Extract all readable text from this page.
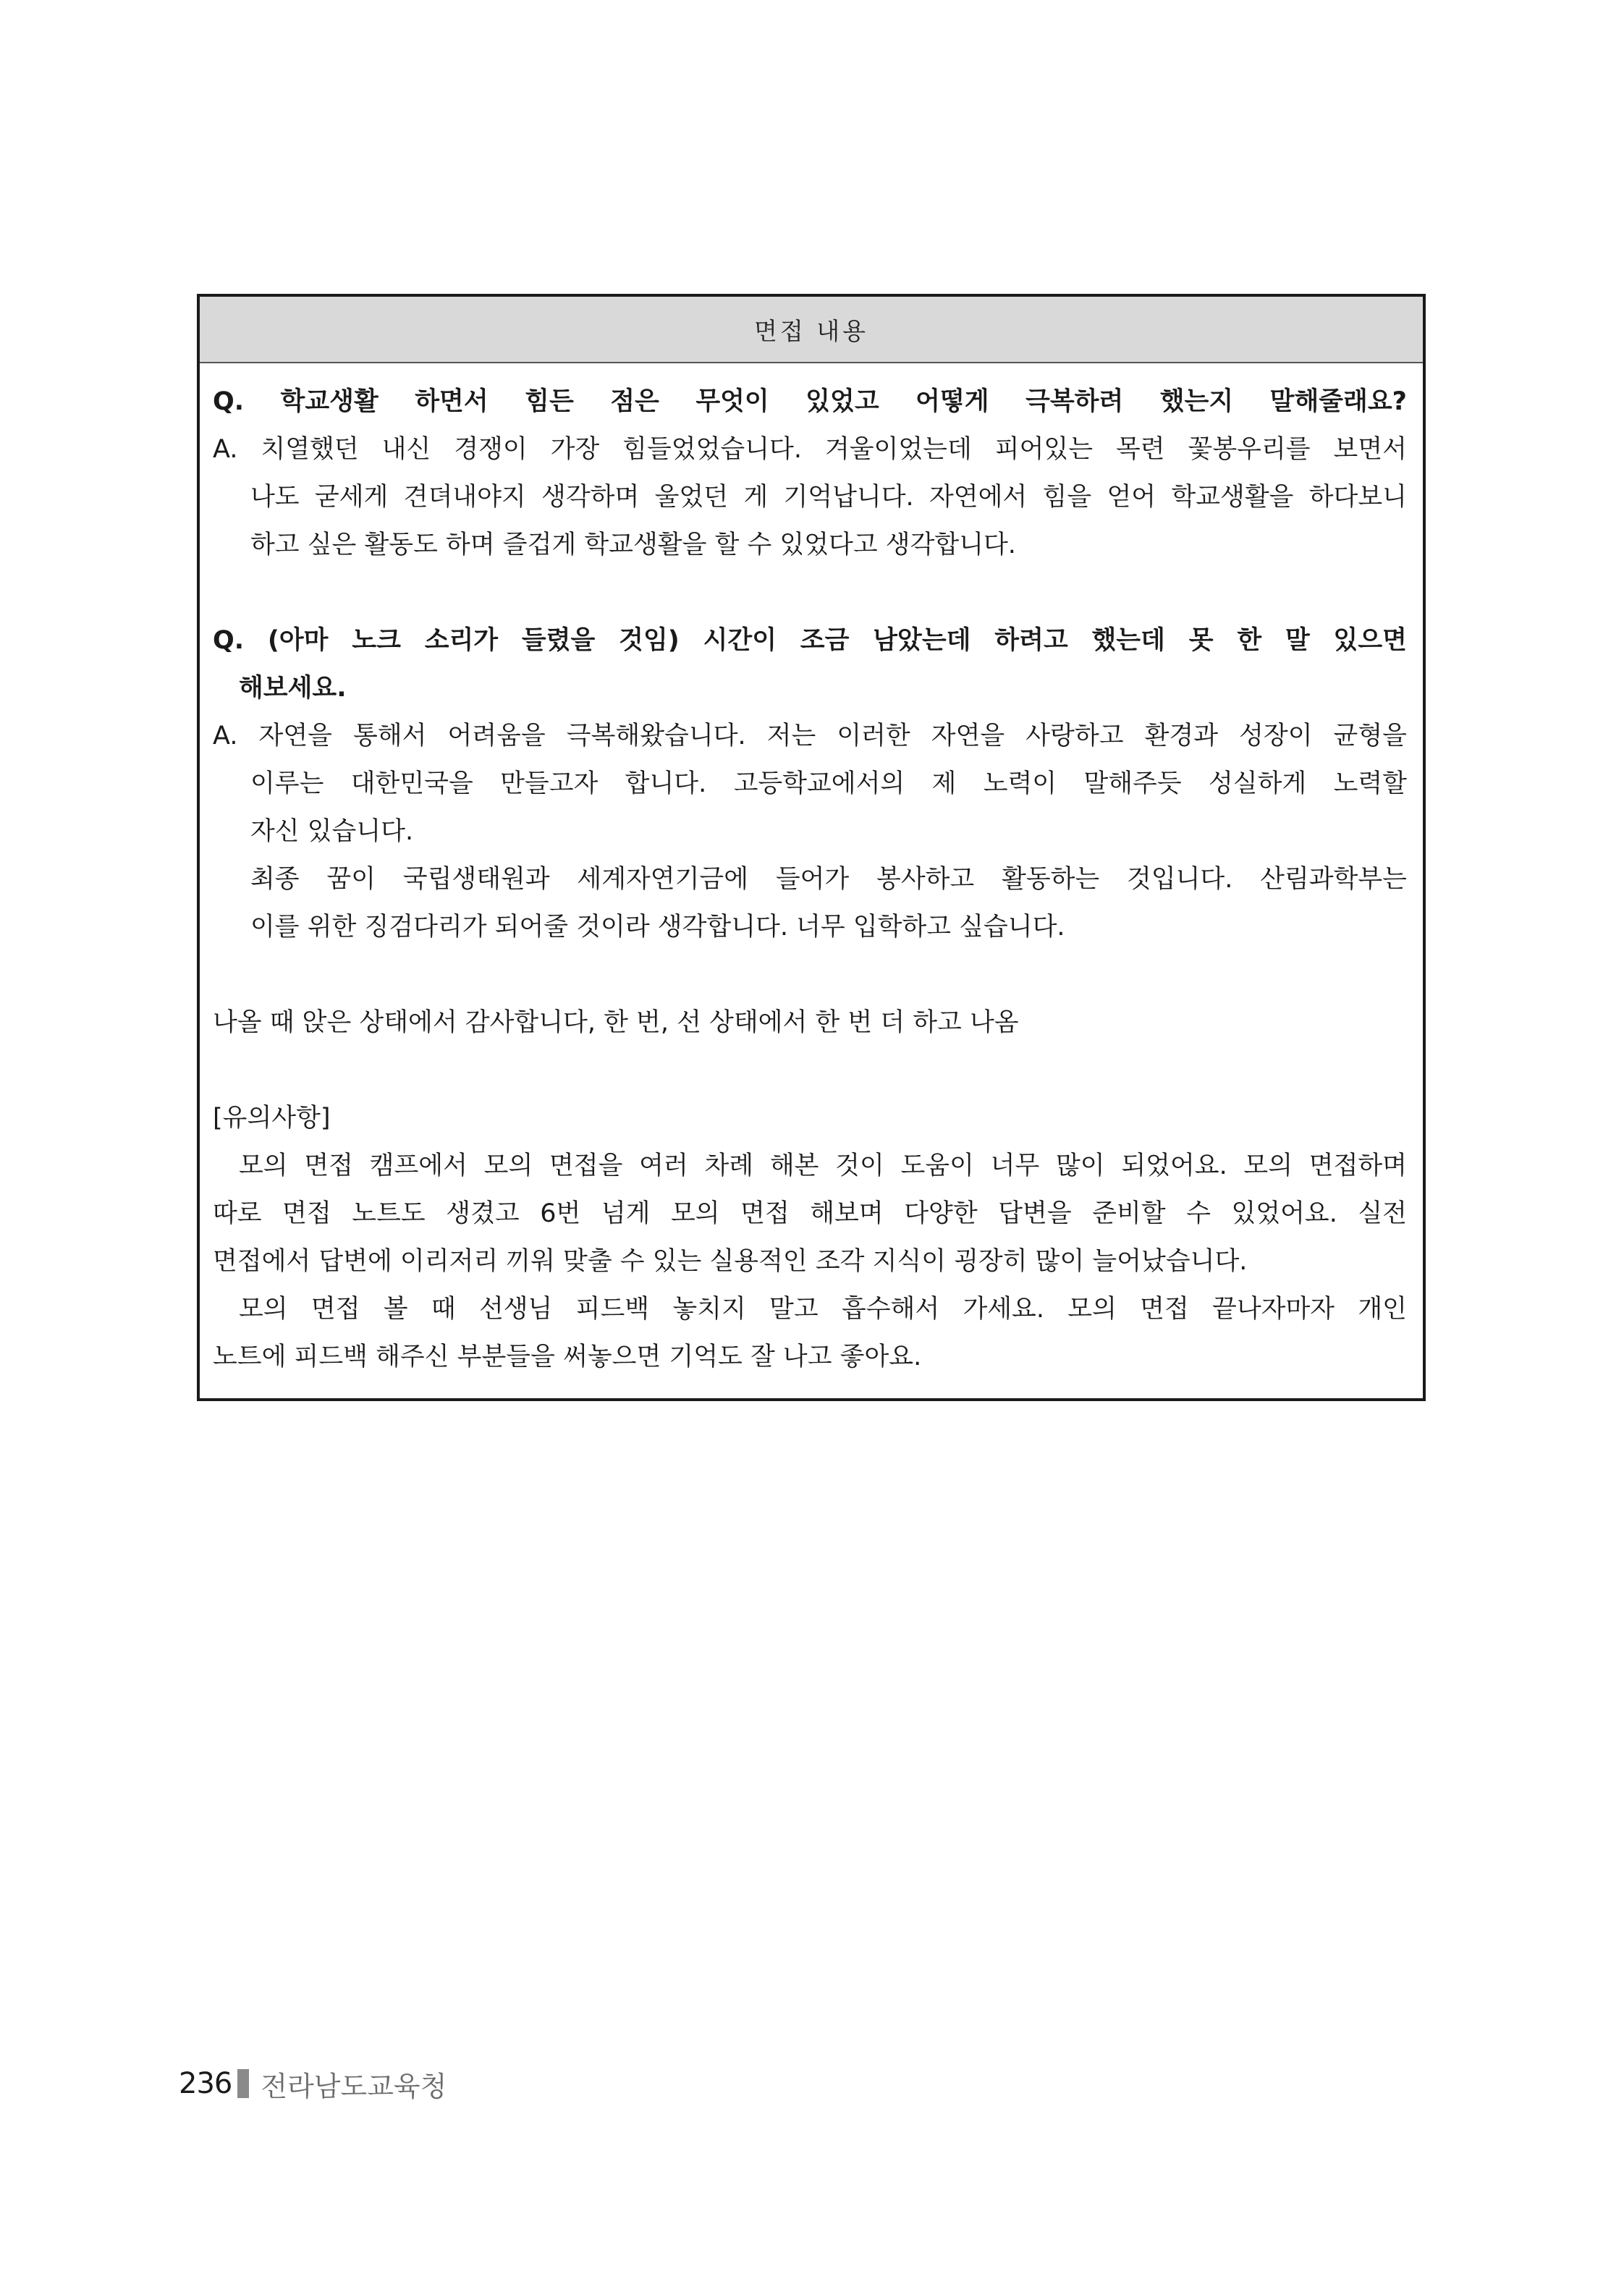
면접 내용
Q. 학교생활 하면서 힘든 점은 무엇이 있었고 어떻게 극복하려 했는지 말해줄래요?
A. 치열했던 내신 경쟁이 가장 힘들었었습니다. 겨울이었는데 피어있는 목련 꽃봉우리를 보면서
나도 굳세게 견뎌내야지 생각하며 울었던 게 기억납니다. 자연에서 힘을 얻어 학교생활을 하다보니
하고 싶은 활동도 하며 즐겁게 학교생활을 할 수 있었다고 생각합니다.
Q. (아마 노크 소리가 들렸을 것임) 시간이 조금 남았는데 하려고 했는데 못 한 말 있으면
해보세요.
A. 자연을 통해서 어려움을 극복해왔습니다. 저는 이러한 자연을 사랑하고 환경과 성장이 균형을
이루는 대한민국을 만들고자 합니다. 고등학교에서의 제 노력이 말해주듯 성실하게 노력할
자신 있습니다.
최종 꿈이 국립생태원과 세계자연기금에 들어가 봉사하고 활동하는 것입니다. 산림과학부는
이를 위한 징검다리가 되어줄 것이라 생각합니다. 너무 입학하고 싶습니다.
나올 때 앉은 상태에서 감사합니다, 한 번, 선 상태에서 한 번 더 하고 나옴
[유의사항]
모의 면접 캠프에서 모의 면접을 여러 차례 해본 것이 도움이 너무 많이 되었어요. 모의 면접하며
따로 면접 노트도 생겼고 6번 넘게 모의 면접 해보며 다양한 답변을 준비할 수 있었어요. 실전
면접에서 답변에 이리저리 끼워 맞출 수 있는 실용적인 조각 지식이 굉장히 많이 늘어났습니다.
모의 면접 볼 때 선생님 피드백 놓치지 말고 흡수해서 가세요. 모의 면접 끝나자마자 개인
노트에 피드백 해주신 부분들을 써놓으면 기억도 잘 나고 좋아요.
236 전라남도교육청
